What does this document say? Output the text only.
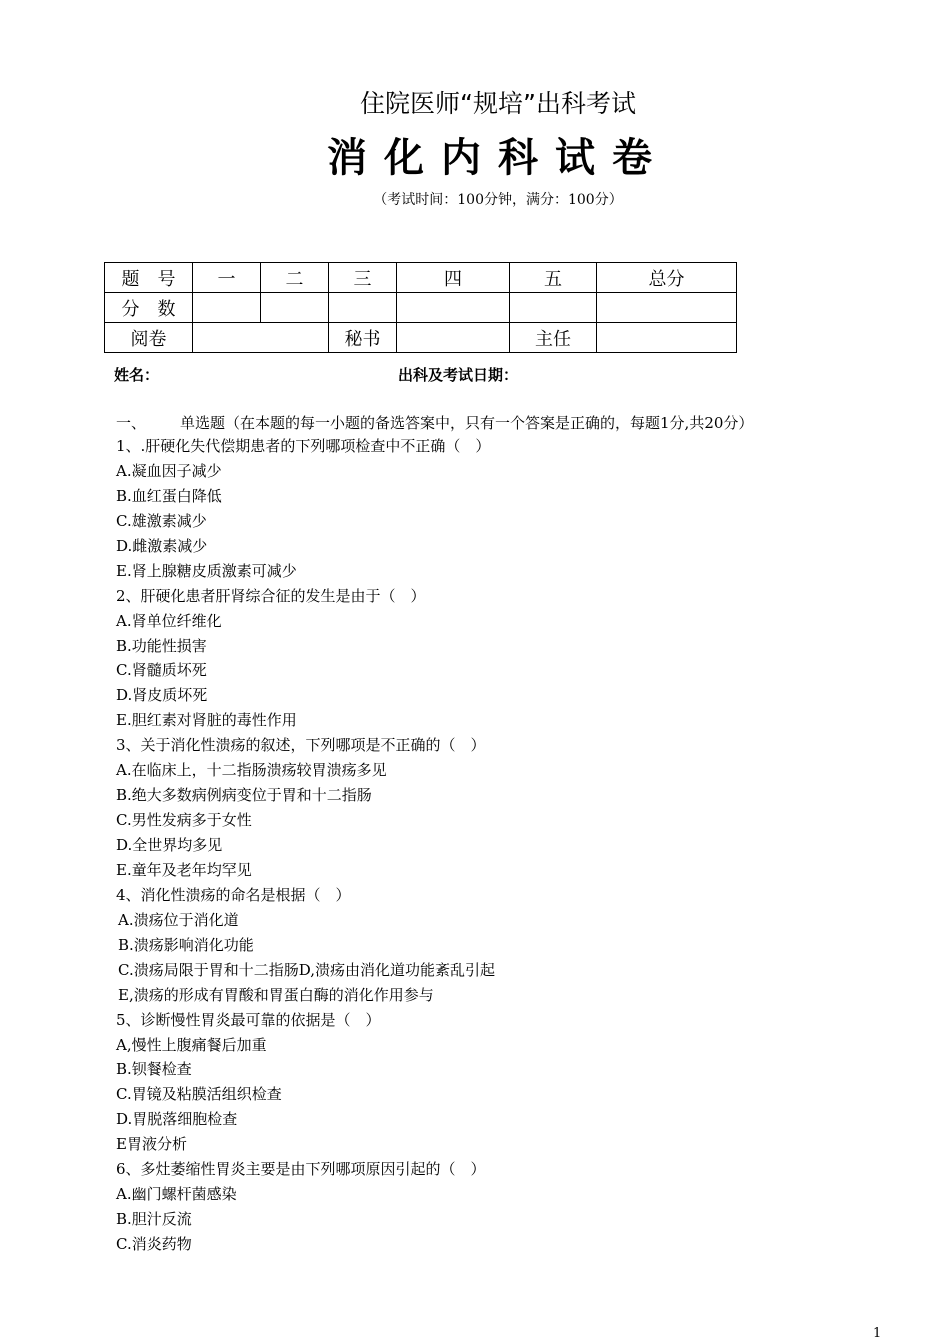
住院医师“规培”出科考试
消化内科试卷
（考试时间：100分钟，满分：100分）
题　号	一	二	三	四	五	总分
分　数						
阅卷			秘书		主任	
姓名：	出科及考试日期：
一、 单选题（在本题的每一小题的备选答案中，只有一个答案是正确的，每题1分,共20分）
1、.肝硬化失代偿期患者的下列哪项检查中不正确（　）
A.凝血因子减少
B.血红蛋白降低
C.雄激素减少
D.雌激素减少
E.肾上腺糖皮质激素可减少
2、肝硬化患者肝肾综合征的发生是由于（　）
A.肾单位纤维化
B.功能性损害
C.肾髓质坏死
D.肾皮质坏死
E.胆红素对肾脏的毒性作用
3、关于消化性溃疡的叙述，下列哪项是不正确的（　）
A.在临床上，十二指肠溃疡较胃溃疡多见
B.绝大多数病例病变位于胃和十二指肠
C.男性发病多于女性
D.全世界均多见
E.童年及老年均罕见
4、消化性溃疡的命名是根据（　）
A.溃疡位于消化道
B.溃疡影响消化功能
C.溃疡局限于胃和十二指肠D,溃疡由消化道功能紊乱引起
E,溃疡的形成有胃酸和胃蛋白酶的消化作用参与
5、诊断慢性胃炎最可靠的依据是（　）
A,慢性上腹痛餐后加重
B.钡餐检查
C.胃镜及粘膜活组织检查
D.胃脱落细胞检查
E胃液分析
6、多灶萎缩性胃炎主要是由下列哪项原因引起的（　）
A.幽门螺杆菌感染
B.胆汁反流
C.消炎药物
1
